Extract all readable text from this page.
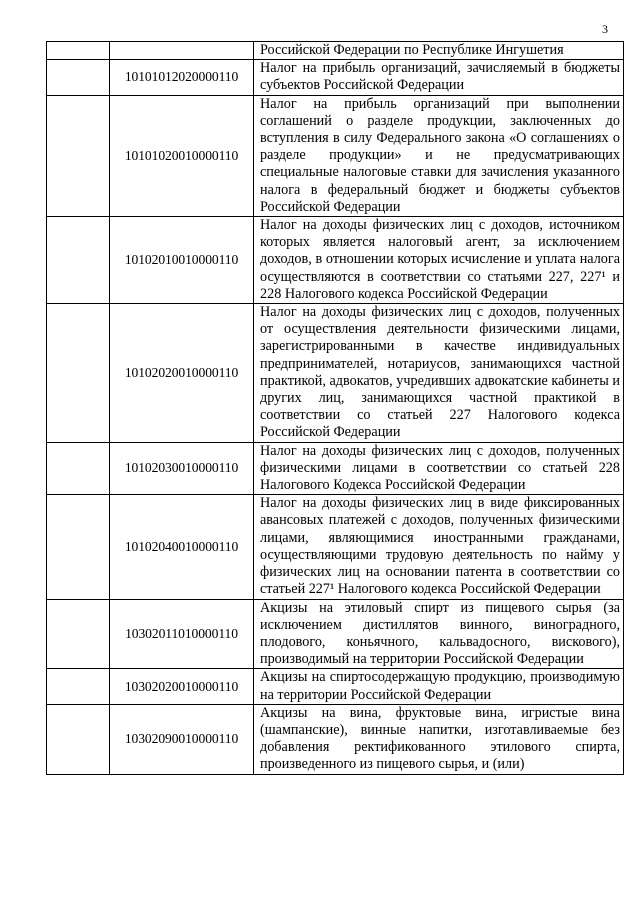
3
		Российской Федерации по Республике Ингушетия
	10101012020000110	Налог на прибыль организаций, зачисляемый в бюджеты субъектов Российской Федерации
	10101020010000110	Налог на прибыль организаций при выполнении соглашений о разделе продукции, заключенных до вступления в силу Федерального закона «О соглашениях о разделе продукции» и не предусматривающих специальные налоговые ставки для зачисления указанного налога в федеральный бюджет и бюджеты субъектов Российской Федерации
	10102010010000110	Налог на доходы физических лиц с доходов, источником которых является налоговый агент, за исключением доходов, в отношении которых исчисление и уплата налога осуществляются в соответствии со статьями 227, 227¹ и 228 Налогового кодекса Российской Федерации
	10102020010000110	Налог на доходы физических лиц с доходов, полученных от осуществления деятельности физическими лицами, зарегистрированными в качестве индивидуальных предпринимателей, нотариусов, занимающихся частной практикой, адвокатов, учредивших адвокатские кабинеты и других лиц, занимающихся частной практикой в соответствии со статьей 227 Налогового кодекса Российской Федерации
	10102030010000110	Налог на доходы физических лиц с доходов, полученных физическими лицами в соответствии со статьей 228 Налогового Кодекса Российской Федерации
	10102040010000110	Налог на доходы физических лиц в виде фиксированных авансовых платежей с доходов, полученных физическими лицами, являющимися иностранными гражданами, осуществляющими трудовую деятельность по найму у физических лиц на основании патента в соответствии со статьей 227¹ Налогового кодекса Российской Федерации
	10302011010000110	Акцизы на этиловый спирт из пищевого сырья (за исключением дистиллятов винного, виноградного, плодового, коньячного, кальвадосного, вискового), производимый на территории Российской Федерации
	10302020010000110	Акцизы на спиртосодержащую продукцию, производимую на территории Российской Федерации
	10302090010000110	Акцизы на вина, фруктовые вина, игристые вина (шампанские), винные напитки, изготавливаемые без добавления ректификованного этилового спирта, произведенного из пищевого сырья, и (или)
